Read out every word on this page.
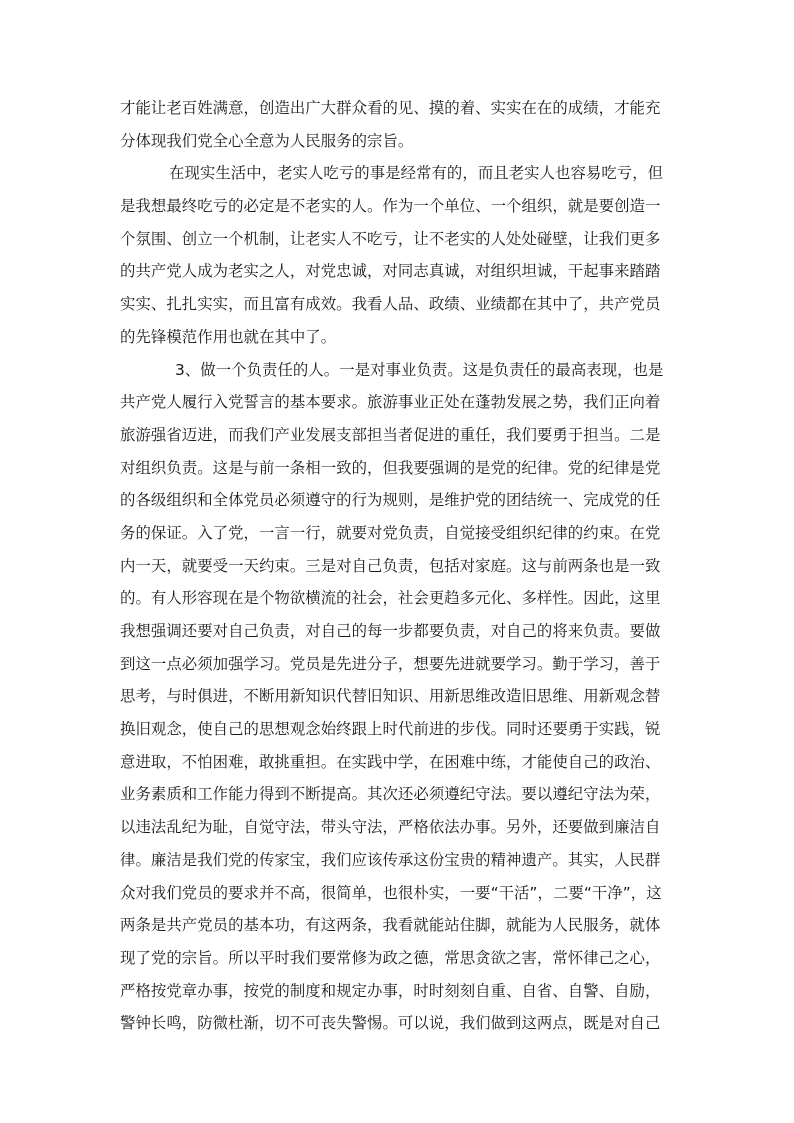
才能让老百姓满意，创造出广大群众看的见、摸的着、实实在在的成绩，才能充
分体现我们党全心全意为人民服务的宗旨。
在现实生活中，老实人吃亏的事是经常有的，而且老实人也容易吃亏，但
是我想最终吃亏的必定是不老实的人。作为一个单位、一个组织，就是要创造一
个氛围、创立一个机制，让老实人不吃亏，让不老实的人处处碰壁，让我们更多
的共产党人成为老实之人，对党忠诚，对同志真诚，对组织坦诚，干起事来踏踏
实实、扎扎实实，而且富有成效。我看人品、政绩、业绩都在其中了，共产党员
的先锋模范作用也就在其中了。
3、做一个负责任的人。一是对事业负责。这是负责任的最高表现，也是
共产党人履行入党誓言的基本要求。旅游事业正处在蓬勃发展之势，我们正向着
旅游强省迈进，而我们产业发展支部担当者促进的重任，我们要勇于担当。二是
对组织负责。这是与前一条相一致的，但我要强调的是党的纪律。党的纪律是党
的各级组织和全体党员必须遵守的行为规则，是维护党的团结统一、完成党的任
务的保证。入了党，一言一行，就要对党负责，自觉接受组织纪律的约束。在党
内一天，就要受一天约束。三是对自己负责，包括对家庭。这与前两条也是一致
的。有人形容现在是个物欲横流的社会，社会更趋多元化、多样性。因此，这里
我想强调还要对自己负责，对自己的每一步都要负责，对自己的将来负责。要做
到这一点必须加强学习。党员是先进分子，想要先进就要学习。勤于学习，善于
思考，与时俱进，不断用新知识代替旧知识、用新思维改造旧思维、用新观念替
换旧观念，使自己的思想观念始终跟上时代前进的步伐。同时还要勇于实践，锐
意进取，不怕困难，敢挑重担。在实践中学，在困难中练，才能使自己的政治、
业务素质和工作能力得到不断提高。其次还必须遵纪守法。要以遵纪守法为荣，
以违法乱纪为耻，自觉守法，带头守法，严格依法办事。另外，还要做到廉洁自
律。廉洁是我们党的传家宝，我们应该传承这份宝贵的精神遗产。其实，人民群
众对我们党员的要求并不高，很简单，也很朴实，一要“干活”，二要“干净”，这
两条是共产党员的基本功，有这两条，我看就能站住脚，就能为人民服务，就体
现了党的宗旨。所以平时我们要常修为政之德，常思贪欲之害，常怀律己之心，
严格按党章办事，按党的制度和规定办事，时时刻刻自重、自省、自警、自励，
警钟长鸣，防微杜渐，切不可丧失警惕。可以说，我们做到这两点，既是对自己
